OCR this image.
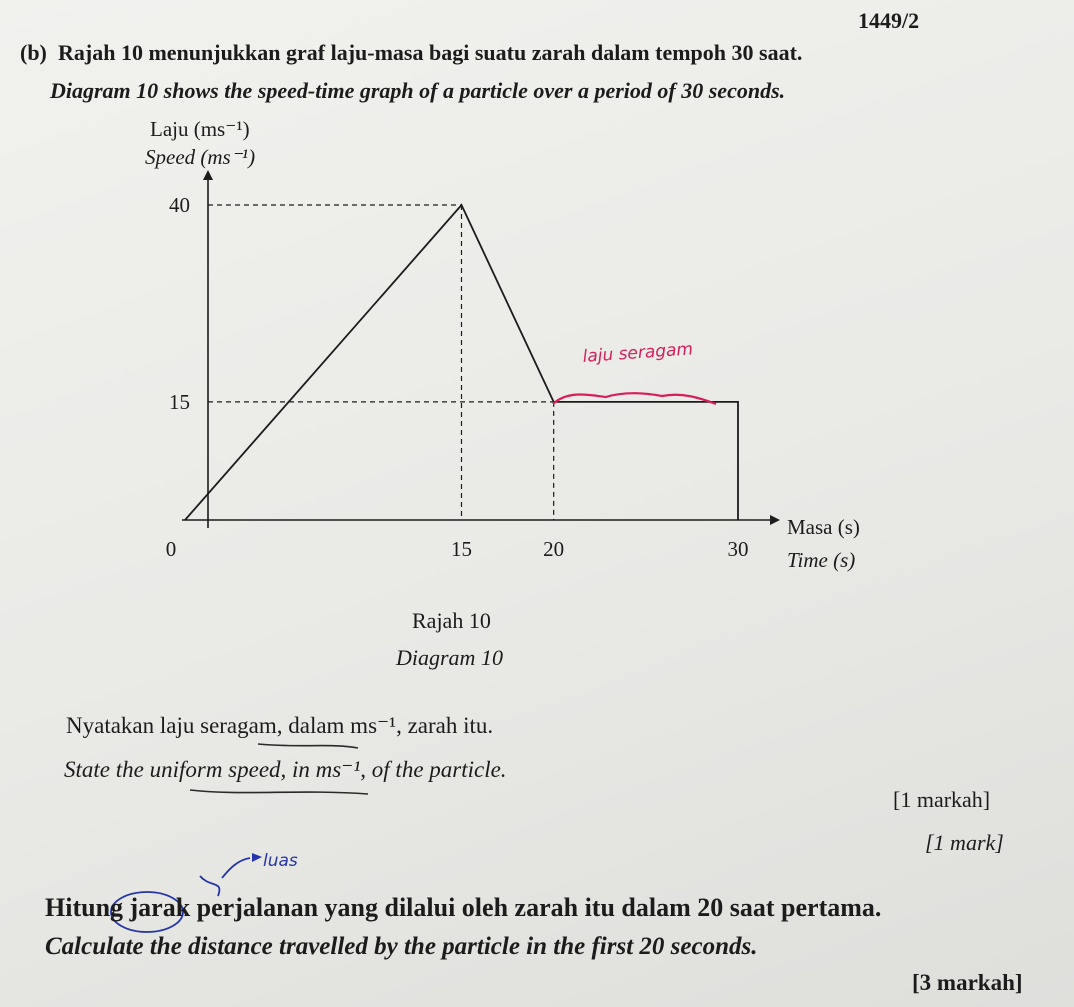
1449/2
(b) Rajah 10 menunjukkan graf laju-masa bagi suatu zarah dalam tempoh 30 saat.
Diagram 10 shows the speed-time graph of a particle over a period of 30 seconds.
0	15	20	30
15
40
Laju (ms⁻¹)
Speed (ms⁻¹)
Masa (s)
Time (s)
laju seragam
luas
Rajah 10
Diagram 10
Nyatakan laju seragam, dalam ms⁻¹, zarah itu.
State the uniform speed, in ms⁻¹, of the particle.
[1 markah]
[1 mark]
Hitung jarak perjalanan yang dilalui oleh zarah itu dalam 20 saat pertama.
Calculate the distance travelled by the particle in the first 20 seconds.
[3 markah]
